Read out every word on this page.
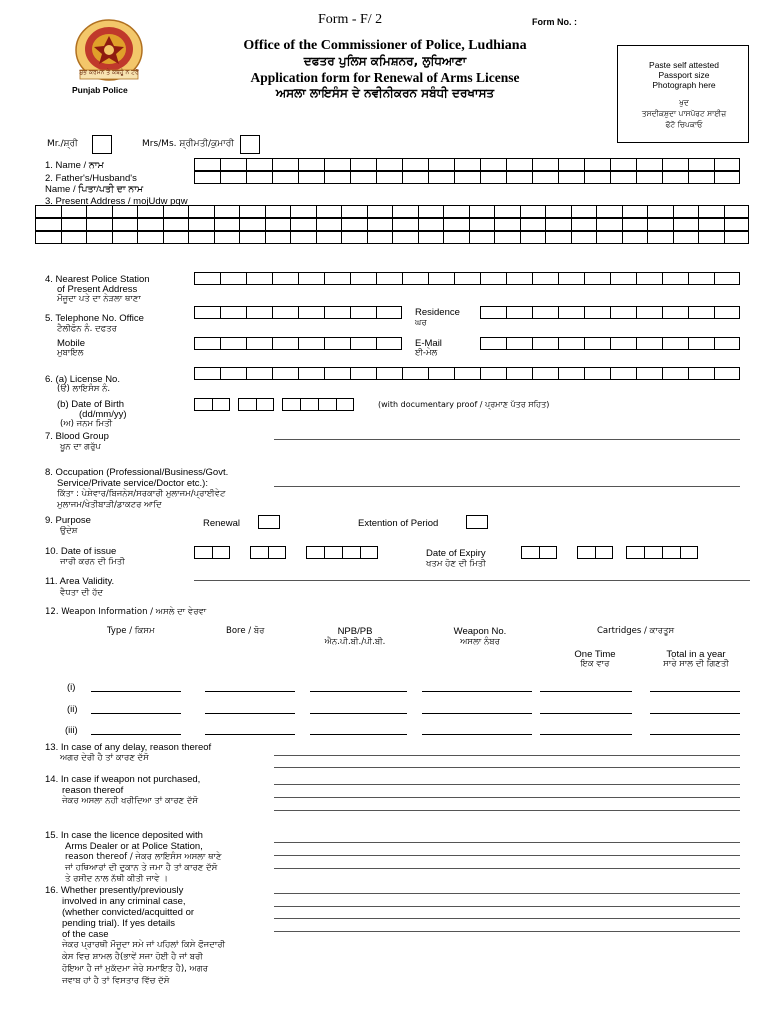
Form - F/ 2	Form No. :
ਸ਼ੁਭ ਕਰਮਨ ਤੇ ਕਬਹੂੰ ਨ ਟਰੋਂ
Punjab Police
Office of the Commissioner of Police, Ludhiana
ਦਫਤਰ ਪੁਲਿਸ ਕਮਿਸ਼ਨਰ, ਲੁਧਿਆਣਾ
Application form for Renewal of Arms License
ਅਸਲਾ ਲਾਇਸੰਸ ਦੇ ਨਵੀਨੀਕਰਨ ਸਬੰਧੀ ਦਰਖਾਸਤ
Paste self attested
Passport size
Photograph here
ਖੁਦ
ਤਸਦੀਕਸ਼ੁਦਾ ਪਾਸਪੋਰਟ ਸਾਈਜ਼
ਫੋਟੋ ਚਿਪਕਾਓ
Mr./ਸ਼੍ਰੀ	Mrs/Ms. ਸ਼੍ਰੀਮਤੀ/ਕੁਮਾਰੀ
1. Name / ਨਾਮ
2. Father's/Husband's
Name / ਪਿਤਾ/ਪਤੀ ਦਾ ਨਾਮ
3. Present Address / mojUdw pqw
4. Nearest Police Station
of Present Address
ਮੌਜੂਦਾ ਪਤੇ ਦਾ ਨੇੜਲਾ ਥਾਣਾ
Residence
ਘਰ
5. Telephone No. Office
ਟੈਲੀਫੋਨ ਨੰ. ਦਫਤਰ
Mobile
ਮੁਬਾਇਲ
E-Mail
ਈ-ਮੇਲ
6. (a) License No.
(ੳ) ਲਾਇਸੰਸ ਨੰ.
(b) Date of Birth
(dd/mm/yy)
(ਅ) ਜਨਮ ਮਿਤੀ
(with documentary proof / ਪ੍ਰਮਾਣ ਪੱਤਰ ਸਹਿਤ)
7. Blood Group
ਖੂਨ ਦਾ ਗਰੁੱਪ
8. Occupation (Professional/Business/Govt.
Service/Private service/Doctor etc.):
ਕਿੱਤਾ : ਪੇਸ਼ੇਵਾਰ/ਬਿਜਨੇਸ/ਸਰਕਾਰੀ ਮੁਲਾਜਮ/ਪ੍ਰਾਈਵੇਟ
ਮੁਲਾਜਮ/ਖੇਤੀਬਾੜੀ/ਡਾਕਟਰ ਆਦਿ
9. Purpose
ਉਦੇਸ਼
Renewal	Extention of Period
10. Date of issue
ਜਾਰੀ ਕਰਨ ਦੀ ਮਿਤੀ
Date of Expiry
ਖਤਮ ਹੋਣ ਦੀ ਮਿਤੀ
11. Area Validity.
ਵੈਧਤਾ ਦੀ ਹੱਦ
12. Weapon Information / ਅਸਲੇ ਦਾ ਵੇਰਵਾ
Type / ਕਿਸਮ	Bore / ਬੋਰ	NPB/PB
ਐਨ.ਪੀ.ਬੀ./ਪੀ.ਬੀ.
Weapon No.
ਅਸਲਾ ਨੰਬਰ
Cartridges / ਕਾਰਤੂਸ
One Time
ਇਕ ਵਾਰ
Total in a year
ਸਾਰੇ ਸਾਲ ਦੀ ਗਿਣਤੀ
(i)
(ii)
(iii)
13. In case of any delay, reason thereof
ਅਗਰ ਦੇਰੀ ਹੈ ਤਾਂ ਕਾਰਣ ਦੱਸੋ
14. In case if weapon not purchased,
reason thereof
ਜੇਕਰ ਅਸਲਾ ਨਹੀ ਖਰੀਦਿਆ ਤਾਂ ਕਾਰਣ ਦੱਸੋ
15. In case the licence deposited with
Arms Dealer or at Police Station,
reason thereof / ਜੇਕਰ ਲਾਇਸੰਸ ਅਸਲਾ ਥਾਣੇ
ਜਾਂ ਹਥਿਆਰਾਂ ਦੀ ਦੁਕਾਨ ਤੇ ਜਮਾ ਹੈ ਤਾਂ ਕਾਰਣ ਦੱਸੋ
ਤੇ ਰਸੀਦ ਨਾਲ ਨੱਥੀ ਕੀਤੀ ਜਾਵੇ ।
16. Whether presently/previously
involved in any criminal case,
(whether convicted/acquitted or
pending trial). If yes details
of the case
ਜੇਕਰ ਪ੍ਰਾਰਥੀ ਮੌਜੂਦਾ ਸਮੇ ਜਾਂ ਪਹਿਲਾਂ ਕਿਸੇ ਫੌਜਦਾਰੀ
ਕੇਸ ਵਿਚ ਸ਼ਾਮਲ ਹੈ(ਭਾਵੇਂ ਸਜਾ ਹੋਈ ਹੈ ਜਾਂ ਬਰੀ
ਹੋਇਆ ਹੈ ਜਾਂ ਮੁਕੱਦਮਾ ਜੇਰੇ ਸਮਾਇਤ ਹੈ), ਅਗਰ
ਜਵਾਬ ਹਾਂ ਹੈ ਤਾਂ ਵਿਸਤਾਰ ਵਿੱਚ ਦੱਸੋ
